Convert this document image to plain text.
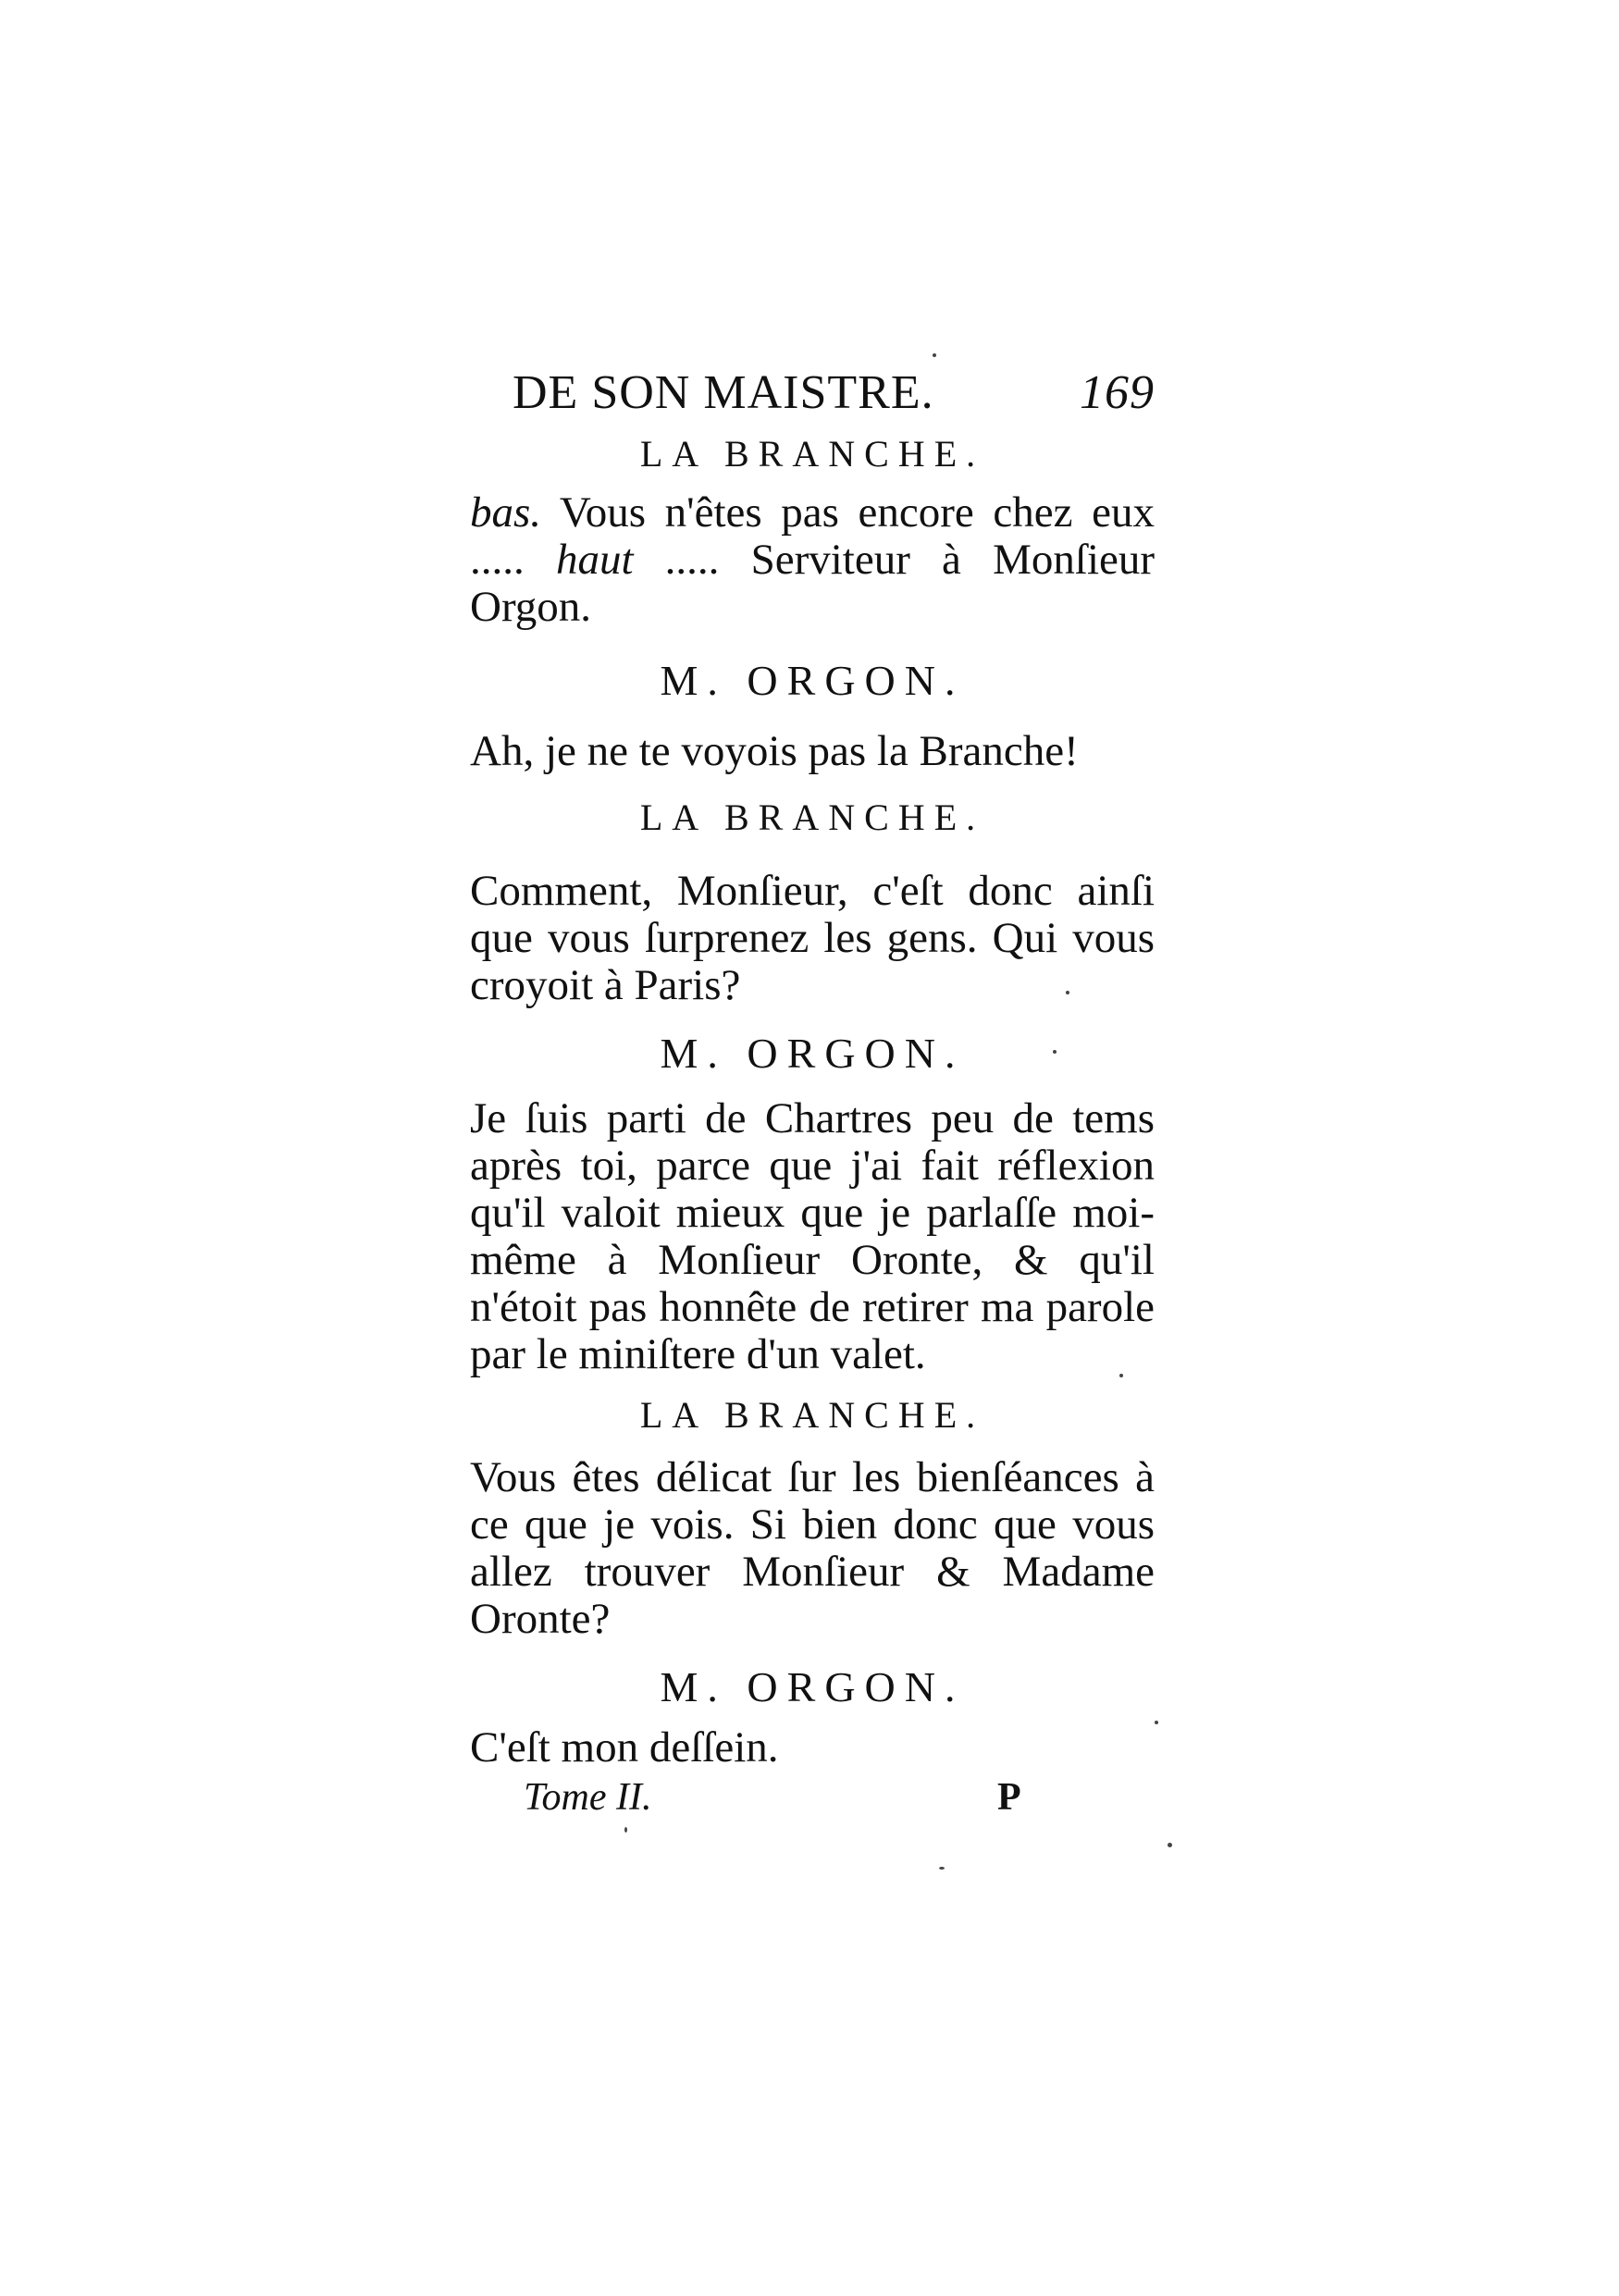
DE SON MAISTRE.	169
LA BRANCHE.

bas. Vous n'êtes pas encore chez eux ..... haut ..... Serviteur à Monſieur Orgon.

M. ORGON.

Ah, je ne te voyois pas la Branche!

LA BRANCHE.

Comment, Monſieur, c'eſt donc ainſi que vous ſurprenez les gens. Qui vous croyoit à Paris?

M. ORGON.

Je ſuis parti de Chartres peu de tems après toi, parce que j'ai fait réflexion qu'il valoit mieux que je parlaſſe moi-même à Monſieur Oronte, & qu'il n'étoit pas honnête de retirer ma parole par le miniſtere d'un valet.

LA BRANCHE.

Vous êtes délicat ſur les bienſéances à ce que je vois. Si bien donc que vous allez trouver Monſieur & Madame Oronte?

M. ORGON.

C'eſt mon deſſein.

Tome II.	P
